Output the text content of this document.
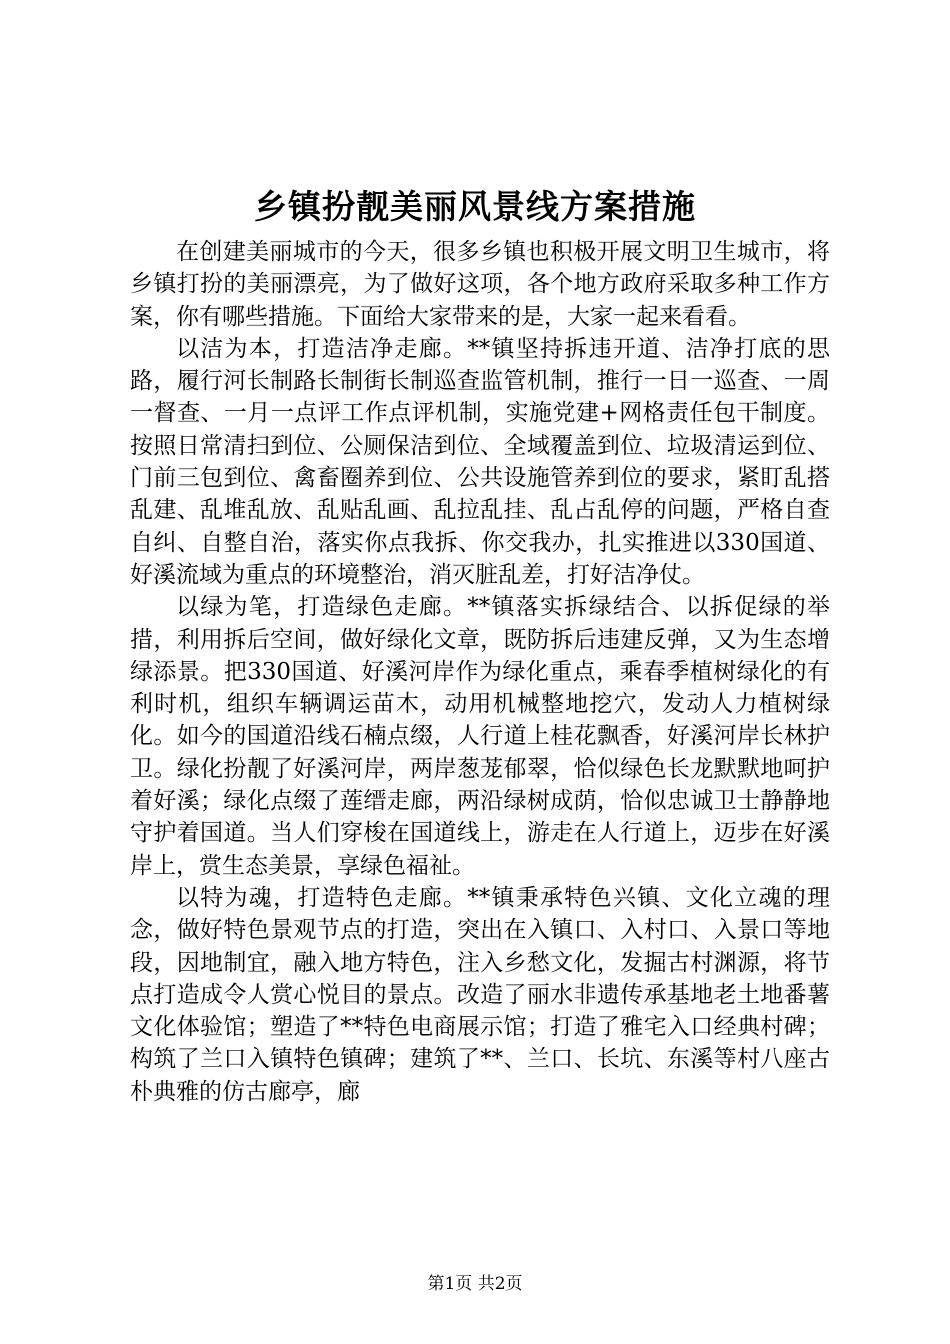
乡镇扮靓美丽风景线方案措施

在创建美丽城市的今天，很多乡镇也积极开展文明卫生城市，将乡镇打扮的美丽漂亮，为了做好这项，各个地方政府采取多种工作方案，你有哪些措施。下面给大家带来的是，大家一起来看看。

以洁为本，打造洁净走廊。**镇坚持拆违开道、洁净打底的思路，履行河长制路长制街长制巡查监管机制，推行一日一巡查、一周一督查、一月一点评工作点评机制，实施党建+网格责任包干制度。按照日常清扫到位、公厕保洁到位、全域覆盖到位、垃圾清运到位、门前三包到位、禽畜圈养到位、公共设施管养到位的要求，紧盯乱搭乱建、乱堆乱放、乱贴乱画、乱拉乱挂、乱占乱停的问题，严格自查自纠、自整自治，落实你点我拆、你交我办，扎实推进以330国道、好溪流域为重点的环境整治，消灭脏乱差，打好洁净仗。

以绿为笔，打造绿色走廊。**镇落实拆绿结合、以拆促绿的举措，利用拆后空间，做好绿化文章，既防拆后违建反弹，又为生态增绿添景。把330国道、好溪河岸作为绿化重点，乘春季植树绿化的有利时机，组织车辆调运苗木，动用机械整地挖穴，发动人力植树绿化。如今的国道沿线石楠点缀，人行道上桂花飘香，好溪河岸长林护卫。绿化扮靓了好溪河岸，两岸葱茏郁翠，恰似绿色长龙默默地呵护着好溪；绿化点缀了莲缙走廊，两沿绿树成荫，恰似忠诚卫士静静地守护着国道。当人们穿梭在国道线上，游走在人行道上，迈步在好溪岸上，赏生态美景，享绿色福祉。

以特为魂，打造特色走廊。**镇秉承特色兴镇、文化立魂的理念，做好特色景观节点的打造，突出在入镇口、入村口、入景口等地段，因地制宜，融入地方特色，注入乡愁文化，发掘古村渊源，将节点打造成令人赏心悦目的景点。改造了丽水非遗传承基地老土地番薯文化体验馆；塑造了**特色电商展示馆；打造了雅宅入口经典村碑；构筑了兰口入镇特色镇碑；建筑了**、兰口、长坑、东溪等村八座古朴典雅的仿古廊亭，廊

第1页 共2页
